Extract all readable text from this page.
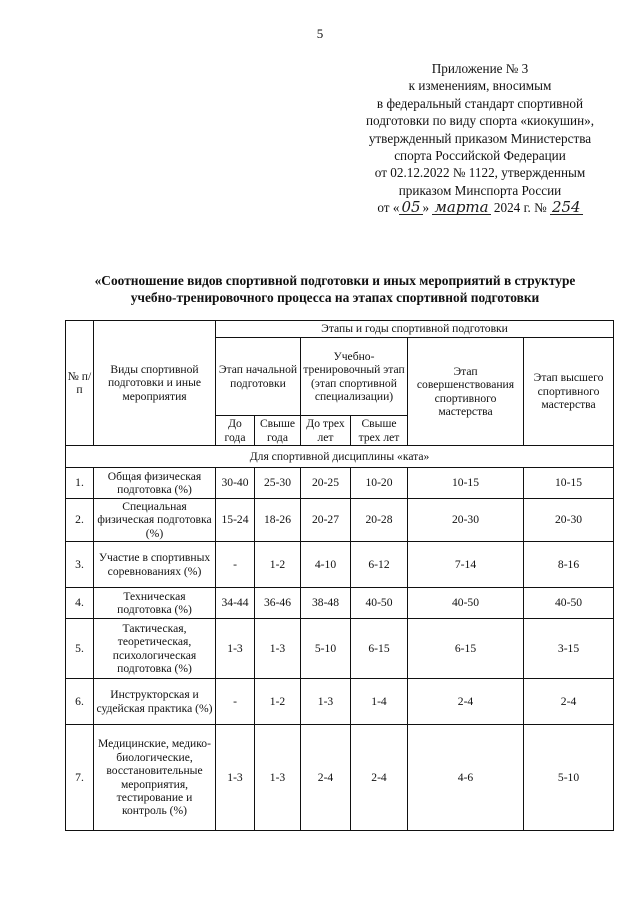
5
Приложение № 3
к изменениям, вносимым
в федеральный стандарт спортивной
подготовки по виду спорта «киокушин»,
утвержденный приказом Министерства
спорта Российской Федерации
от 02.12.2022 № 1122, утвержденным
приказом Минспорта России
от « 05 » марта 2024 г. № 254
«Соотношение видов спортивной подготовки и иных мероприятий в структуре
учебно-тренировочного процесса на этапах спортивной подготовки
№ п/п	Виды спортивной подготовки и иные мероприятия	Этапы и годы спортивной подготовки					
		Этап начальной подготовки		Учебно-тренировочный этап (этап спортивной специализации)		Этап совершенствования спортивного мастерства	Этап высшего спортивного мастерства
		До года	Свыше года	До трех лет	Свыше трех лет		
Для спортивной дисциплины «ката»							
1.	Общая физическая подготовка (%)	30-40	25-30	20-25	10-20	10-15	10-15
2.	Специальная физическая подготовка (%)	15-24	18-26	20-27	20-28	20-30	20-30
3.	Участие в спортивных соревнованиях (%)	-	1-2	4-10	6-12	7-14	8-16
4.	Техническая подготовка (%)	34-44	36-46	38-48	40-50	40-50	40-50
5.	Тактическая, теоретическая, психологическая подготовка (%)	1-3	1-3	5-10	6-15	6-15	3-15
6.	Инструкторская и судейская практика (%)	-	1-2	1-3	1-4	2-4	2-4
7.	Медицинские, медико-биологические, восстановительные мероприятия, тестирование и контроль (%)	1-3	1-3	2-4	2-4	4-6	5-10
